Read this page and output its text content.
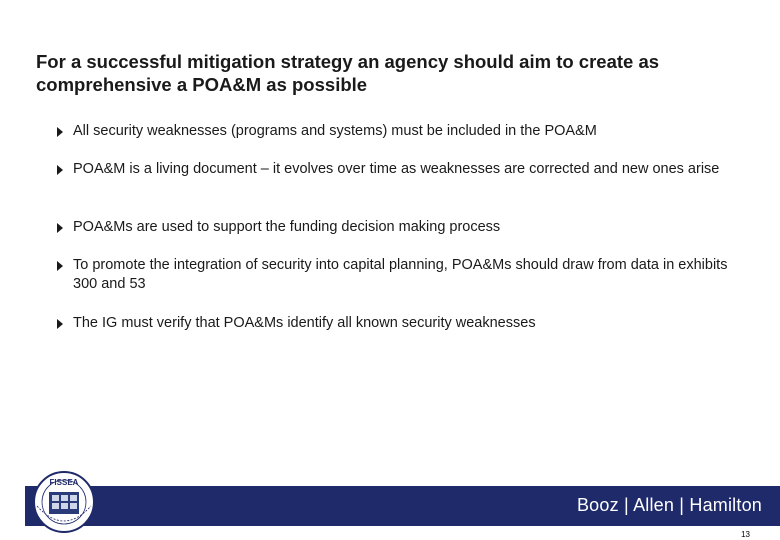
For a successful mitigation strategy an agency should aim to create as comprehensive a POA&M as possible
All security weaknesses (programs and systems) must be included in the POA&M
POA&M is a living document – it evolves over time as weaknesses are corrected and new ones arise
POA&Ms are used to support the funding decision making process
To promote the integration of security into capital planning, POA&Ms should draw from data in exhibits 300 and 53
The IG must verify that POA&Ms identify all known security weaknesses
Booz | Allen | Hamilton
FISSEA
13
